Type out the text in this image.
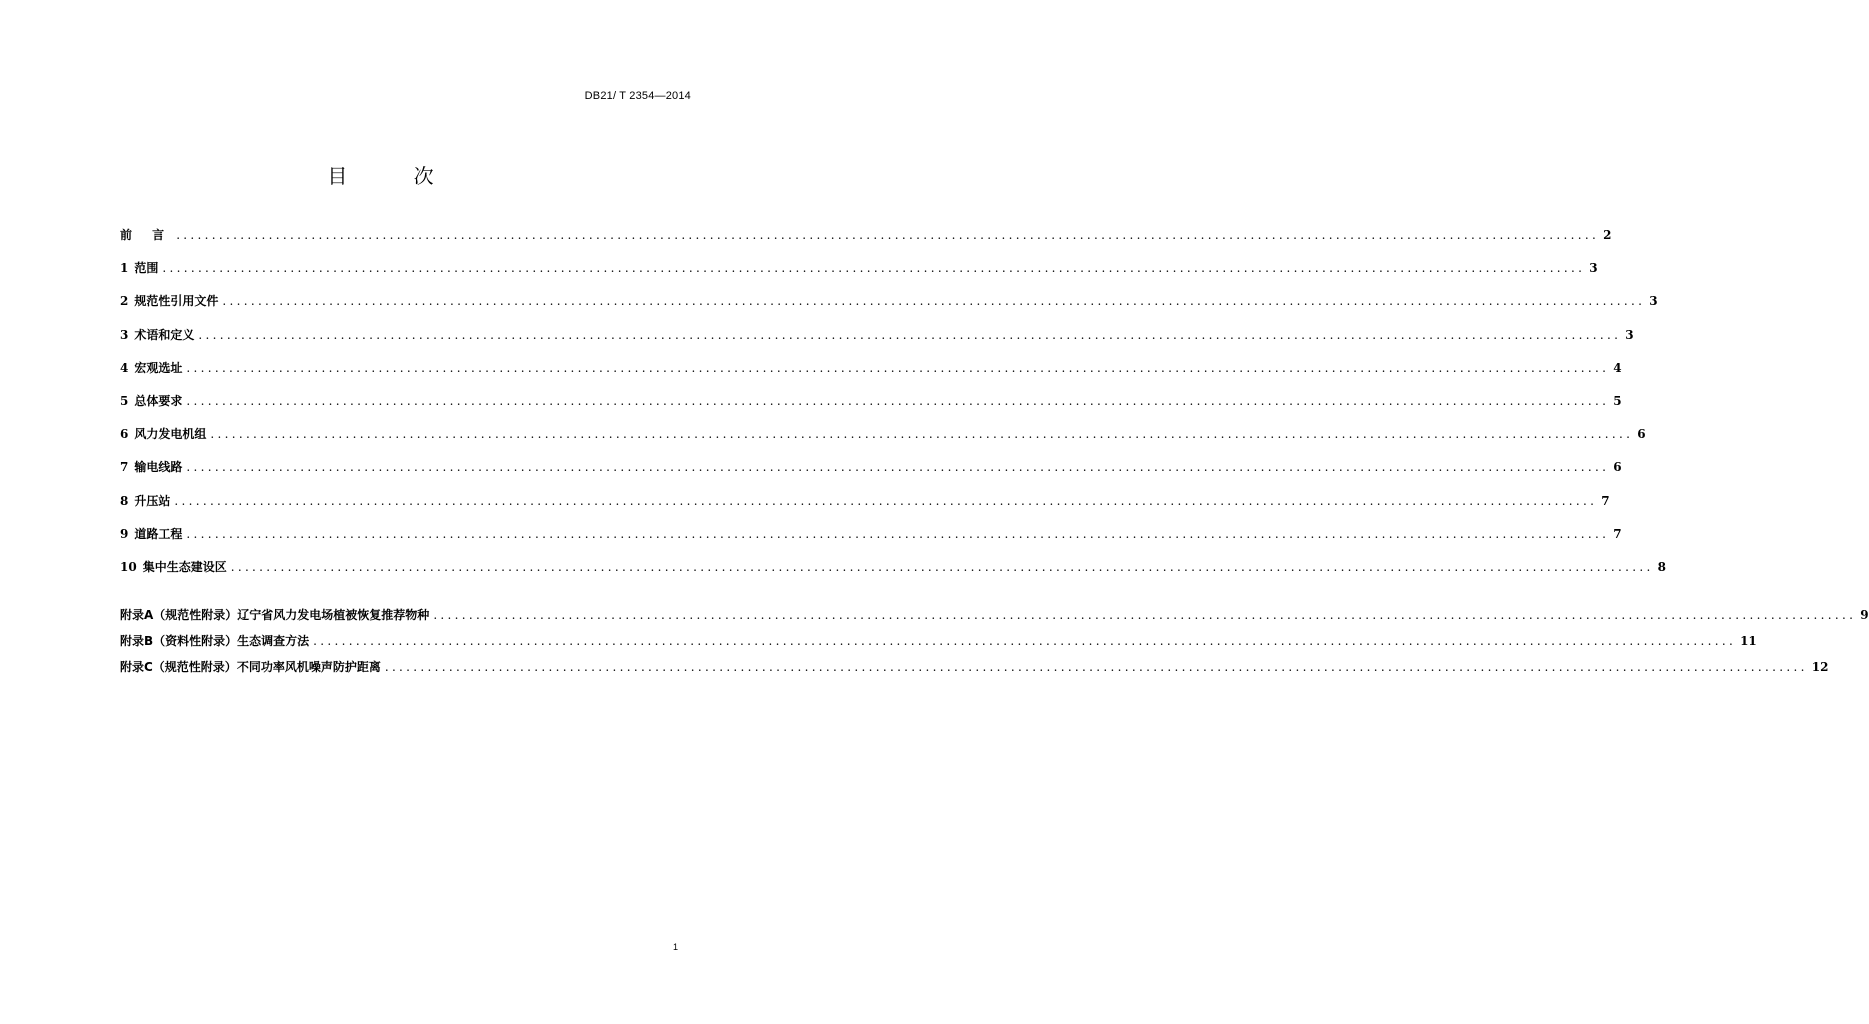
DB21/ T 2354—2014
目 次
前 言 ........................................................................................................................................................................................................ 2
1 范围 ........................................................................................................................................................................................................ 3
2 规范性引用文件 ........................................................................................................................................................................................................ 3
3 术语和定义 ........................................................................................................................................................................................................ 3
4 宏观选址 ........................................................................................................................................................................................................ 4
5 总体要求 ........................................................................................................................................................................................................ 5
6 风力发电机组 ........................................................................................................................................................................................................ 6
7 输电线路 ........................................................................................................................................................................................................ 6
8 升压站 ........................................................................................................................................................................................................ 7
9 道路工程 ........................................................................................................................................................................................................ 7
10 集中生态建设区 ........................................................................................................................................................................................................ 8
附录A（规范性附录） 辽宁省风力发电场植被恢复推荐物种 ........................................................................................................................................................................................................ 9
附录B（资料性附录） 生态调查方法 ........................................................................................................................................................................................................ 11
附录C（规范性附录） 不同功率风机噪声防护距离 ........................................................................................................................................................................................................ 12
1
